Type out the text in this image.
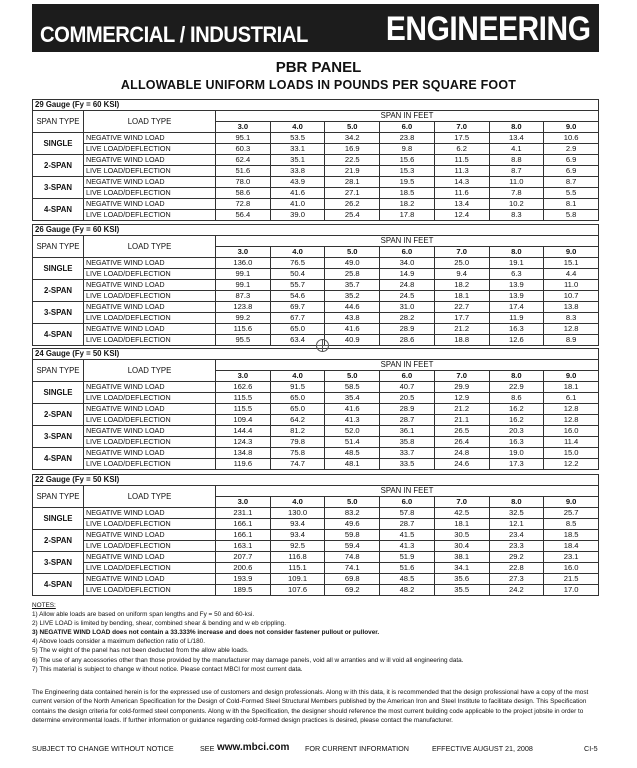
COMMERCIAL / INDUSTRIAL ENGINEERING
PBR PANEL
ALLOWABLE UNIFORM LOADS IN POUNDS PER SQUARE FOOT
29 Gauge (Fy = 60 KSI)								
SPAN TYPE	LOAD TYPE	SPAN IN FEET						
		3.0	4.0	5.0	6.0	7.0	8.0	9.0
SINGLE	NEGATIVE WIND LOAD	95.1	53.5	34.2	23.8	17.5	13.4	10.6
	LIVE LOAD/DEFLECTION	60.3	33.1	16.9	9.8	6.2	4.1	2.9
2-SPAN	NEGATIVE WIND LOAD	62.4	35.1	22.5	15.6	11.5	8.8	6.9
	LIVE LOAD/DEFLECTION	51.6	33.8	21.9	15.3	11.3	8.7	6.9
3-SPAN	NEGATIVE WIND LOAD	78.0	43.9	28.1	19.5	14.3	11.0	8.7
	LIVE LOAD/DEFLECTION	58.6	41.6	27.1	18.5	11.6	7.8	5.5
4-SPAN	NEGATIVE WIND LOAD	72.8	41.0	26.2	18.2	13.4	10.2	8.1
	LIVE LOAD/DEFLECTION	56.4	39.0	25.4	17.8	12.4	8.3	5.8
26 Gauge (Fy = 60 KSI)								
SPAN TYPE	LOAD TYPE	SPAN IN FEET						
		3.0	4.0	5.0	6.0	7.0	8.0	9.0
SINGLE	NEGATIVE WIND LOAD	136.0	76.5	49.0	34.0	25.0	19.1	15.1
	LIVE LOAD/DEFLECTION	99.1	50.4	25.8	14.9	9.4	6.3	4.4
2-SPAN	NEGATIVE WIND LOAD	99.1	55.7	35.7	24.8	18.2	13.9	11.0
	LIVE LOAD/DEFLECTION	87.3	54.6	35.2	24.5	18.1	13.9	10.7
3-SPAN	NEGATIVE WIND LOAD	123.8	69.7	44.6	31.0	22.7	17.4	13.8
	LIVE LOAD/DEFLECTION	99.2	67.7	43.8	28.2	17.7	11.9	8.3
4-SPAN	NEGATIVE WIND LOAD	115.6	65.0	41.6	28.9	21.2	16.3	12.8
	LIVE LOAD/DEFLECTION	95.5	63.4	40.9	28.6	18.8	12.6	8.9
24 Gauge (Fy = 50 KSI)								
SPAN TYPE	LOAD TYPE	SPAN IN FEET						
		3.0	4.0	5.0	6.0	7.0	8.0	9.0
SINGLE	NEGATIVE WIND LOAD	162.6	91.5	58.5	40.7	29.9	22.9	18.1
	LIVE LOAD/DEFLECTION	115.5	65.0	35.4	20.5	12.9	8.6	6.1
2-SPAN	NEGATIVE WIND LOAD	115.5	65.0	41.6	28.9	21.2	16.2	12.8
	LIVE LOAD/DEFLECTION	109.4	64.2	41.3	28.7	21.1	16.2	12.8
3-SPAN	NEGATIVE WIND LOAD	144.4	81.2	52.0	36.1	26.5	20.3	16.0
	LIVE LOAD/DEFLECTION	124.3	79.8	51.4	35.8	26.4	16.3	11.4
4-SPAN	NEGATIVE WIND LOAD	134.8	75.8	48.5	33.7	24.8	19.0	15.0
	LIVE LOAD/DEFLECTION	119.6	74.7	48.1	33.5	24.6	17.3	12.2
22 Gauge (Fy = 50 KSI)								
SPAN TYPE	LOAD TYPE	SPAN IN FEET						
		3.0	4.0	5.0	6.0	7.0	8.0	9.0
SINGLE	NEGATIVE WIND LOAD	231.1	130.0	83.2	57.8	42.5	32.5	25.7
	LIVE LOAD/DEFLECTION	166.1	93.4	49.6	28.7	18.1	12.1	8.5
2-SPAN	NEGATIVE WIND LOAD	166.1	93.4	59.8	41.5	30.5	23.4	18.5
	LIVE LOAD/DEFLECTION	163.1	92.5	59.4	41.3	30.4	23.3	18.4
3-SPAN	NEGATIVE WIND LOAD	207.7	116.8	74.8	51.9	38.1	29.2	23.1
	LIVE LOAD/DEFLECTION	200.6	115.1	74.1	51.6	34.1	22.8	16.0
4-SPAN	NEGATIVE WIND LOAD	193.9	109.1	69.8	48.5	35.6	27.3	21.5
	LIVE LOAD/DEFLECTION	189.5	107.6	69.2	48.2	35.5	24.2	17.0
NOTES:
1) Allow able loads are based on uniform span lengths and Fy = 50 and 60-ksi.
2) LIVE LOAD is limited by bending, shear, combined shear & bending and w eb crippling.
3) NEGATIVE WIND LOAD does not contain a 33.333% increase and does not consider fastener pullout or pullover.
4) Above loads consider a maximum deflection ratio of L/180.
5) The w eight of the panel has not been deducted from the allow able loads.
6) The use of any accessories other than those provided by the manufacturer may damage panels, void all w arranties and w ill void all engineering data.
7) This material is subject to change w ithout notice. Please contact MBCI for most current data.
The Engineering data contained herein is for the expressed use of customers and design professionals. Along w ith this data, it is recommended that the design professional have a copy of the most current version of the North American Specification for the Design of Cold-Formed Steel Structural Members published by the American Iron and Steel Institute to facilitate design. This Specification contains the design criteria for cold-formed steel components. Along w ith the Specification, the designer should reference the most current building code applicable to the project jobsite in order to determine environmental loads. If further information or guidance regarding cold-formed design practices is desired, please contact the manufacturer.
SUBJECT TO CHANGE WITHOUT NOTICE	SEE www.mbci.com FOR CURRENT INFORMATION	EFFECTIVE AUGUST 21, 2008	CI-5
